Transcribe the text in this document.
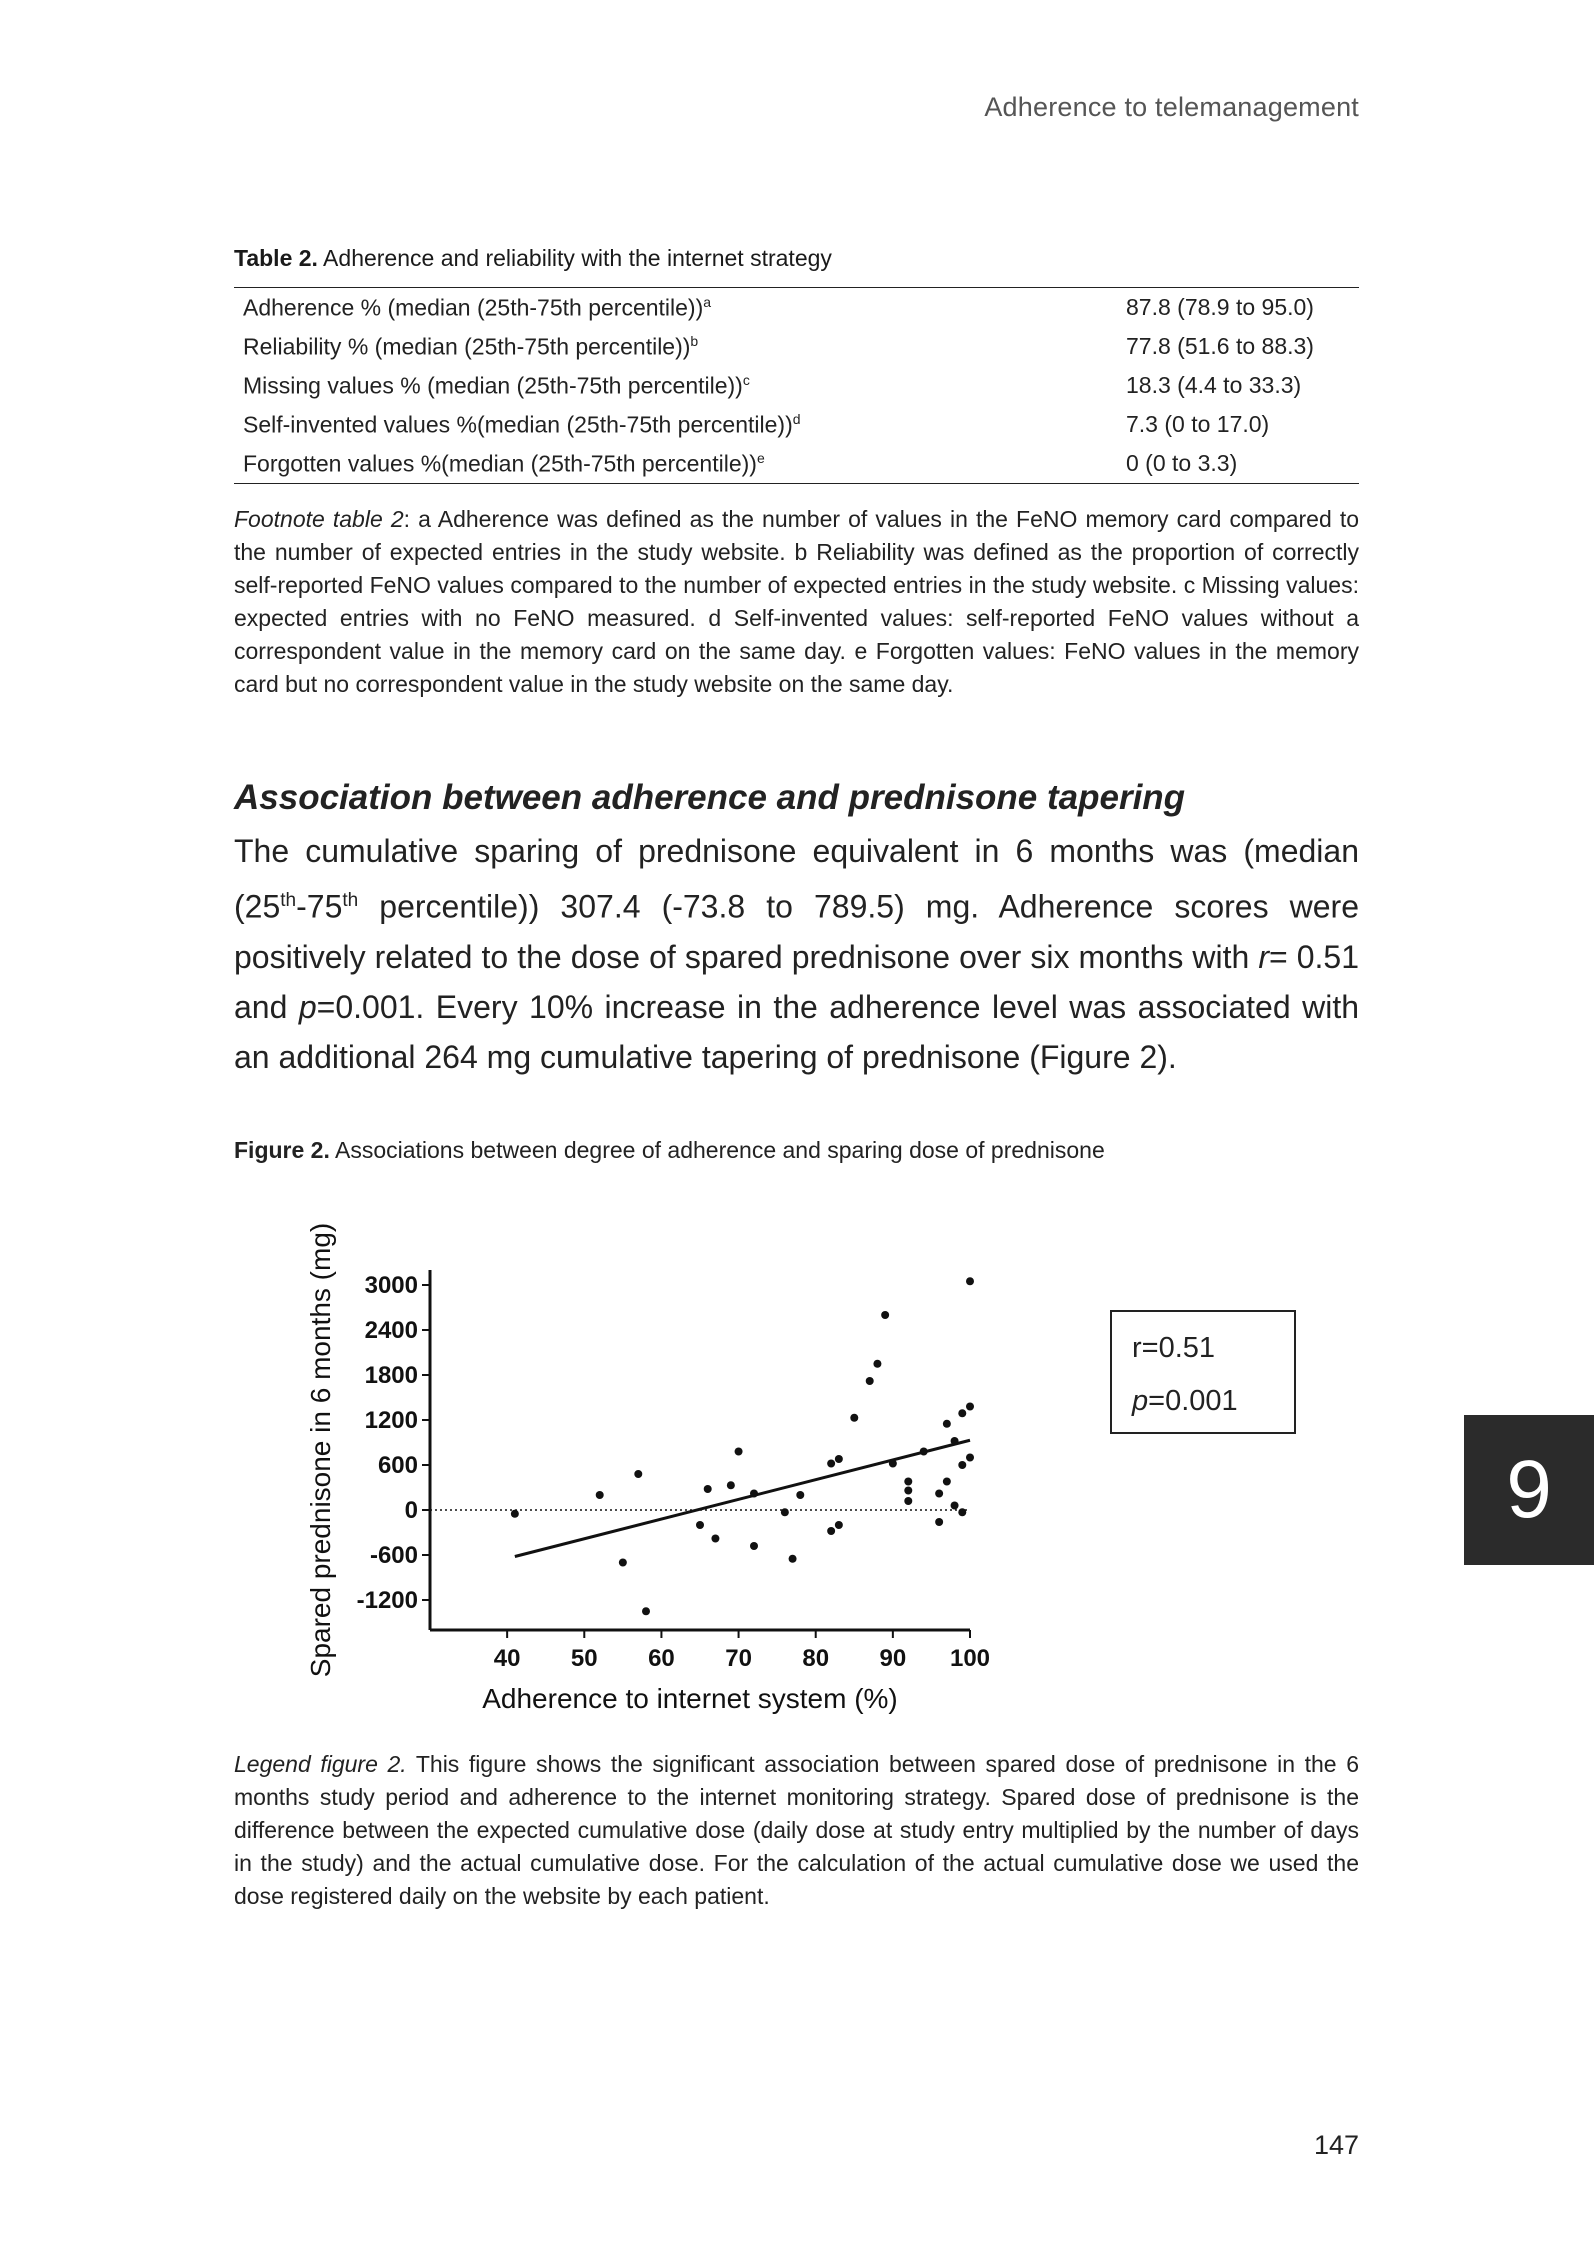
Adherence to telemanagement
Table 2. Adherence and reliability with the internet strategy
Adherence % (median (25th-75th percentile))$^a$	87.8 (78.9 to 95.0)
Reliability % (median (25th-75th percentile))$^b$	77.8 (51.6 to 88.3)
Missing values % (median (25th-75th percentile))$^c$	18.3 (4.4 to 33.3)
Self-invented values %(median (25th-75th percentile))$^d$	7.3 (0 to 17.0)
Forgotten values %(median (25th-75th percentile))$^e$	0 (0 to 3.3)
Footnote table 2: a Adherence was defined as the number of values in the FeNO memory card compared to the number of expected entries in the study website. b Reliability was defined as the proportion of correctly self-reported FeNO values compared to the number of expected entries in the study website. c Missing values: expected entries with no FeNO measured. d Self-invented values: self-reported FeNO values without a correspondent value in the memory card on the same day. e Forgotten values: FeNO values in the memory card but no correspondent value in the study website on the same day.
Association between adherence and prednisone tapering
The cumulative sparing of prednisone equivalent in 6 months was (median (25th-75th percentile)) 307.4 (-73.8 to 789.5) mg. Adherence scores were positively related to the dose of spared prednisone over six months with r= 0.51 and p=0.001. Every 10% increase in the adherence level was associated with an additional 264 mg cumulative tapering of prednisone (Figure 2).
Figure 2. Associations between degree of adherence and sparing dose of prednisone
3000
2400
1800
1200
600
0
-600
-1200
40 50 60 70 80 90 100
Adherence to internet system (%)
Spared prednisone in 6 months (mg)	r=0.51
p=0.001
9
Legend figure 2. This figure shows the significant association between spared dose of prednisone in the 6 months study period and adherence to the internet monitoring strategy. Spared dose of prednisone is the difference between the expected cumulative dose (daily dose at study entry multiplied by the number of days in the study) and the actual cumulative dose. For the calculation of the actual cumulative dose we used the dose registered daily on the website by each patient.
147
